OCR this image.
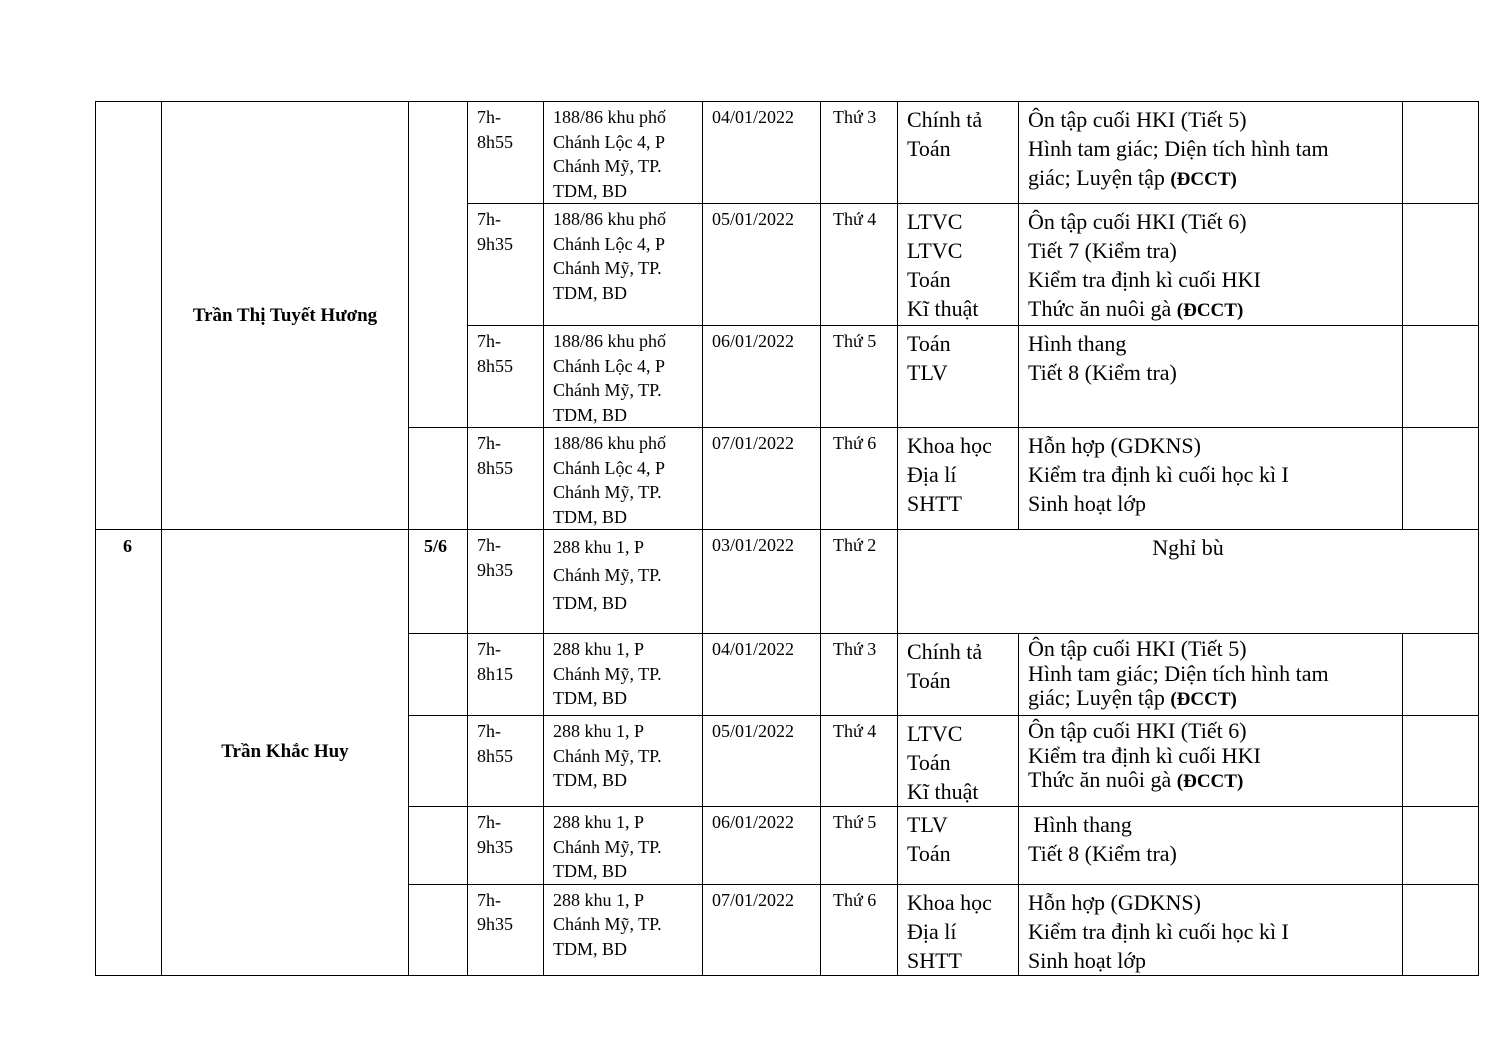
	Trần Thị Tuyết Hương		7h-
8h55	188/86 khu phố
Chánh Lộc 4, P
Chánh Mỹ, TP.
TDM, BD	04/01/2022	Thứ 3	Chính tả
Toán	Ôn tập cuối HKI (Tiết 5)
Hình tam giác; Diện tích hình tam
giác; Luyện tập (ĐCCT)	

			7h-
9h35	188/86 khu phố
Chánh Lộc 4, P
Chánh Mỹ, TP.
TDM, BD	05/01/2022	Thứ 4	LTVC
LTVC
Toán
Kĩ thuật	Ôn tập cuối HKI (Tiết 6)
Tiết 7 (Kiểm tra)
Kiểm tra định kì cuối HKI
Thức ăn nuôi gà (ĐCCT)	

			7h-
8h55	188/86 khu phố
Chánh Lộc 4, P
Chánh Mỹ, TP.
TDM, BD	06/01/2022	Thứ 5	Toán
TLV	Hình thang
Tiết 8 (Kiểm tra)	

			7h-
8h55	188/86 khu phố
Chánh Lộc 4, P
Chánh Mỹ, TP.
TDM, BD	07/01/2022	Thứ 6	Khoa học
Địa lí
SHTT	Hỗn hợp (GDKNS)
Kiểm tra định kì cuối học kì I
Sinh hoạt lớp	

6	Trần Khắc Huy	5/6	7h-
9h35	288 khu 1, P
Chánh Mỹ, TP.
TDM, BD	03/01/2022	Thứ 2	Nghỉ bù		

			7h-
8h15	288 khu 1, P
Chánh Mỹ, TP.
TDM, BD	04/01/2022	Thứ 3	Chính tả
Toán	Ôn tập cuối HKI (Tiết 5)
Hình tam giác; Diện tích hình tam
giác; Luyện tập (ĐCCT)	

			7h-
8h55	288 khu 1, P
Chánh Mỹ, TP.
TDM, BD	05/01/2022	Thứ 4	LTVC
Toán
Kĩ thuật	Ôn tập cuối HKI (Tiết 6)
Kiểm tra định kì cuối HKI
Thức ăn nuôi gà (ĐCCT)	

			7h-
9h35	288 khu 1, P
Chánh Mỹ, TP.
TDM, BD	06/01/2022	Thứ 5	TLV
Toán	Hình thang
Tiết 8 (Kiểm tra)	

			7h-
9h35	288 khu 1, P
Chánh Mỹ, TP.
TDM, BD	07/01/2022	Thứ 6	Khoa học
Địa lí
SHTT	Hỗn hợp (GDKNS)
Kiểm tra định kì cuối học kì I
Sinh hoạt lớp	
